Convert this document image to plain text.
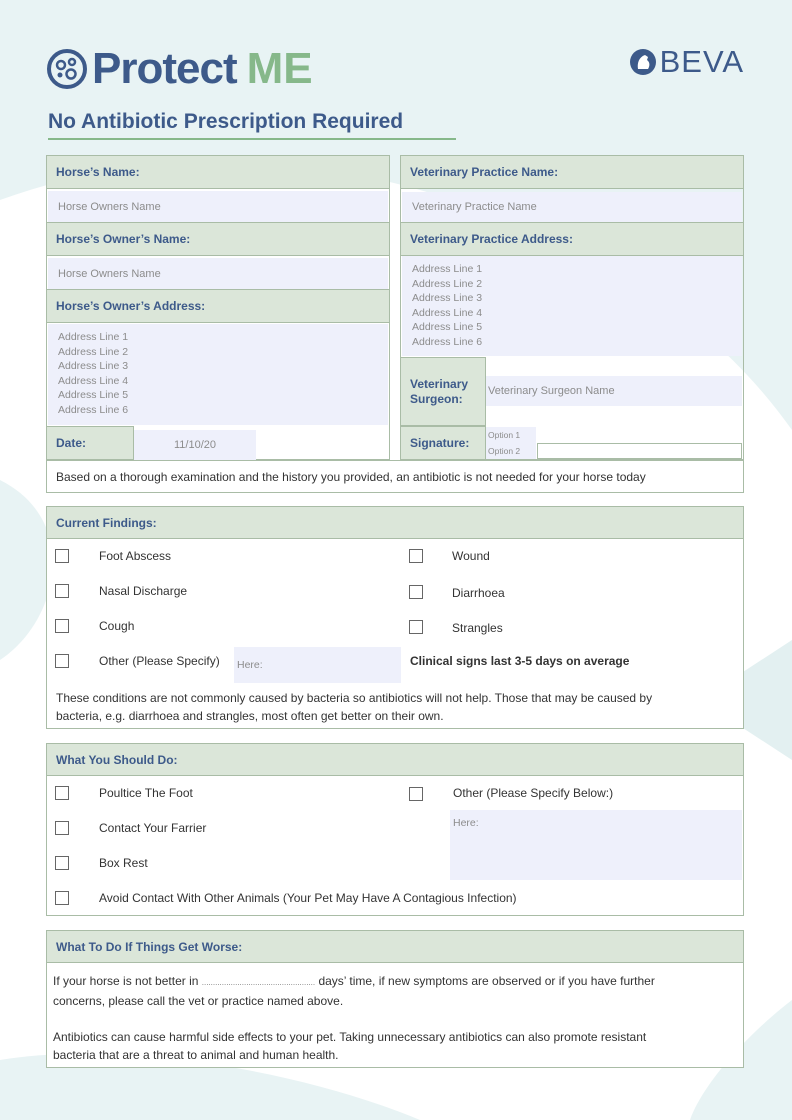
Protect ME	BEVA
No Antibiotic Prescription Required
Horse’s Name:
Horse Owners Name
Horse’s Owner’s Name:
Horse Owners Name
Horse’s Owner’s Address:
Address Line 1
Address Line 2
Address Line 3
Address Line 4
Address Line 5
Address Line 6
Date:	11/10/20
Veterinary Practice Name:
Veterinary Practice Name
Veterinary Practice Address:
Address Line 1
Address Line 2
Address Line 3
Address Line 4
Address Line 5
Address Line 6
Veterinary
Surgeon:
Veterinary Surgeon Name
Signature:
Option 1
Option 2
Based on a thorough examination and the history you provided, an antibiotic is not needed for your horse today
Current Findings:
Foot Abscess
Nasal Discharge
Cough
Other (Please Specify) Here:
Wound
Diarrhoea
Strangles
Clinical signs last 3-5 days on average
These conditions are not commonly caused by bacteria so antibiotics will not help. Those that may be caused by
bacteria, e.g. diarrhoea and strangles, most often get better on their own.
What You Should Do:
Poultice The Foot
Contact Your Farrier
Box Rest
Avoid Contact With Other Animals (Your Pet May Have A Contagious Infection)
Other (Please Specify Below:)
Here:
What To Do If Things Get Worse:
If your horse is not better in ................................................... days’ time, if new symptoms are observed or if you have further
concerns, please call the vet or practice named above.
Antibiotics can cause harmful side effects to your pet. Taking unnecessary antibiotics can also promote resistant
bacteria that are a threat to animal and human health.
